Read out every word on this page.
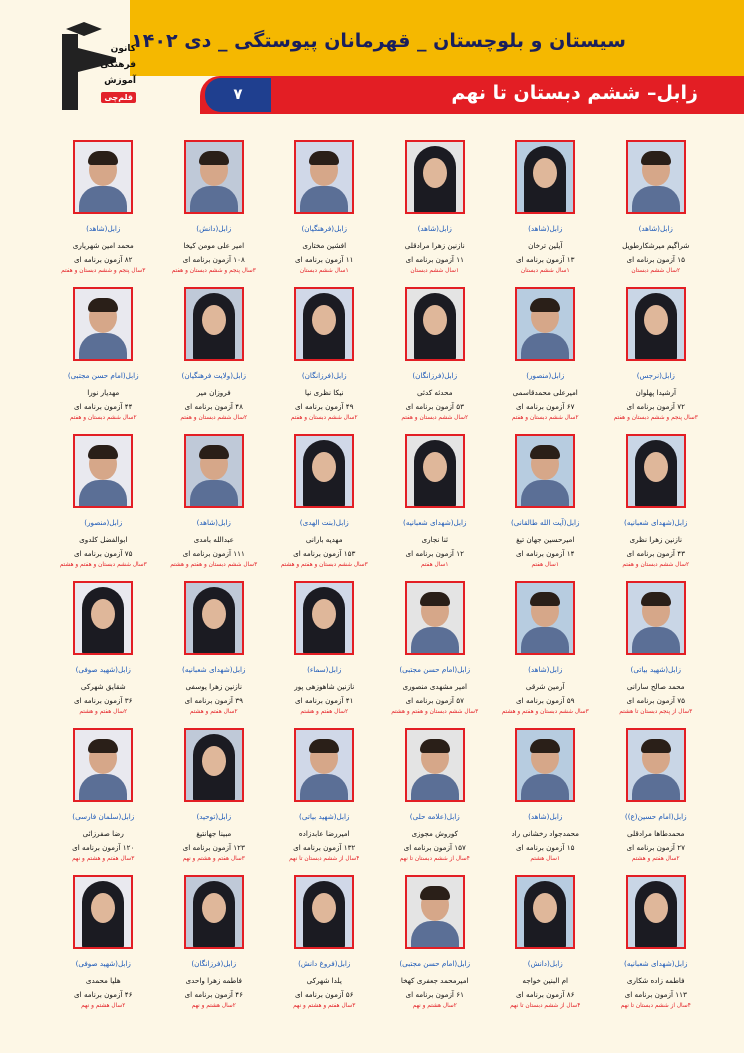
سیستان و بلوچستان _ قهرمانان پیوستگی _ دی ۱۴۰۲
۷	زابل– ششم دبستان تا نهم
کانون
فرهنگی
آموزش
قلم‌چی
زابل(شاهد)
شراگیم میرشکارطویل
۱۵ آزمون برنامه ای
۲سال ششم دبستان
زابل(شاهد)
آیلین ترخان
۱۳ آزمون برنامه ای
۱سال ششم دبستان
زابل(شاهد)
نازنین زهرا مرادقلی
۱۱ آزمون برنامه ای
۱سال ششم دبستان
زابل(فرهنگیان)
افشین مختاری
۱۱ آزمون برنامه ای
۱سال ششم دبستان
زابل(دانش)
امیر علی مومن کیخا
۱۰۸ آزمون برنامه ای
۳سال پنجم و ششم دبستان و هفتم
زابل(شاهد)
محمد امین شهریاری
۸۲ آزمون برنامه ای
۳سال پنجم و ششم دبستان و هفتم
زابل(نرجس)
آرشیدا پهلوان
۷۲ آزمون برنامه ای
۳سال پنجم و ششم دبستان و هفتم
زابل(منصور)
امیرعلی محمدقاسمی
۶۷ آزمون برنامه ای
۲سال ششم دبستان و هفتم
زابل(فرزانگان)
محدثه کدئی
۵۳ آزمون برنامه ای
۲سال ششم دبستان و هفتم
زابل(فرزانگان)
نیکا نظری نیا
۴۹ آزمون برنامه ای
۲سال ششم دبستان و هفتم
زابل(ولایت فرهنگیان)
فروزان میر
۴۸ آزمون برنامه ای
۲سال ششم دبستان و هفتم
زابل(امام حسن مجتبی)
مهدیار نورا
۴۴ آزمون برنامه ای
۲سال ششم دبستان و هفتم
زابل(شهدای شعبانیه)
نازنین زهرا نظری
۴۳ آزمون برنامه ای
۲سال ششم دبستان و هفتم
زابل(آیت الله طالقانی)
امیرحسین جهان تیغ
۱۴ آزمون برنامه ای
۱سال هفتم
زابل(شهدای شعبانیه)
ثنا نجاری
۱۲ آزمون برنامه ای
۱سال هفتم
زابل(بنت الهدی)
مهدیه بارانی
۱۵۳ آزمون برنامه ای
۳سال ششم دبستان و هفتم و هشتم
زابل(شاهد)
عبدالله بامدی
۱۱۱ آزمون برنامه ای
۳سال ششم دبستان و هفتم و هشتم
زابل(منصور)
ابوالفضل کلدوی
۷۵ آزمون برنامه ای
۳سال ششم دبستان و هفتم و هشتم
زابل(شهید بیاتی)
محمد صالح سارانی
۷۵ آزمون برنامه ای
۳سال از پنجم دبستان تا هشتم
زابل(شاهد)
آرمین شرقی
۵۹ آزمون برنامه ای
۳سال ششم دبستان و هفتم و هشتم
زابل(امام حسن مجتبی)
امیر مشهدی منصوری
۵۷ آزمون برنامه ای
۳سال ششم دبستان و هفتم و هشتم
زابل(سماء)
نازنین شاهوزهی پور
۴۱ آزمون برنامه ای
۲سال هفتم و هشتم
زابل(شهدای شعبانیه)
نازنین زهرا یوسفی
۳۹ آزمون برنامه ای
۲سال هفتم و هشتم
زابل(شهید صوفی)
شقایق شهرکی
۳۶ آزمون برنامه ای
۲سال هفتم و هشتم
زابل(امام حسین(ع))
محمدطاها مرادقلی
۲۷ آزمون برنامه ای
۲سال هفتم و هشتم
زابل(شاهد)
محمدجواد رخشانی راد
۱۵ آزمون برنامه ای
۱سال هشتم
زابل(علامه حلی)
کوروش مجوزی
۱۵۷ آزمون برنامه ای
۴سال از ششم دبستان تا نهم
زابل(شهید بیاتی)
امیررضا عابدزاده
۱۳۲ آزمون برنامه ای
۴سال از ششم دبستان تا نهم
زابل(توحید)
مبینا جهانتیغ
۱۲۳ آزمون برنامه ای
۳سال هفتم و هشتم و نهم
زابل(سلمان فارسی)
رضا صفرزائی
۱۲۰ آزمون برنامه ای
۳سال هفتم و هشتم و نهم
زابل(شهدای شعبانیه)
فاطمه زاده شکاری
۱۱۳ آزمون برنامه ای
۴سال از ششم دبستان تا نهم
زابل(دانش)
ام البنین خواجه
۸۶ آزمون برنامه ای
۴سال از ششم دبستان تا نهم
زابل(امام حسن مجتبی)
امیرمحمد جعفری کهخا
۶۱ آزمون برنامه ای
۲سال هشتم و نهم
زابل(فروغ دانش)
یلدا شهرکی
۵۶ آزمون برنامه ای
۳سال هفتم و هشتم و نهم
زابل(فرزانگان)
فاطمه زهرا واحدی
۴۶ آزمون برنامه ای
۲سال هشتم و نهم
زابل(شهید صوفی)
هلیا محمدی
۴۶ آزمون برنامه ای
۲سال هشتم و نهم
